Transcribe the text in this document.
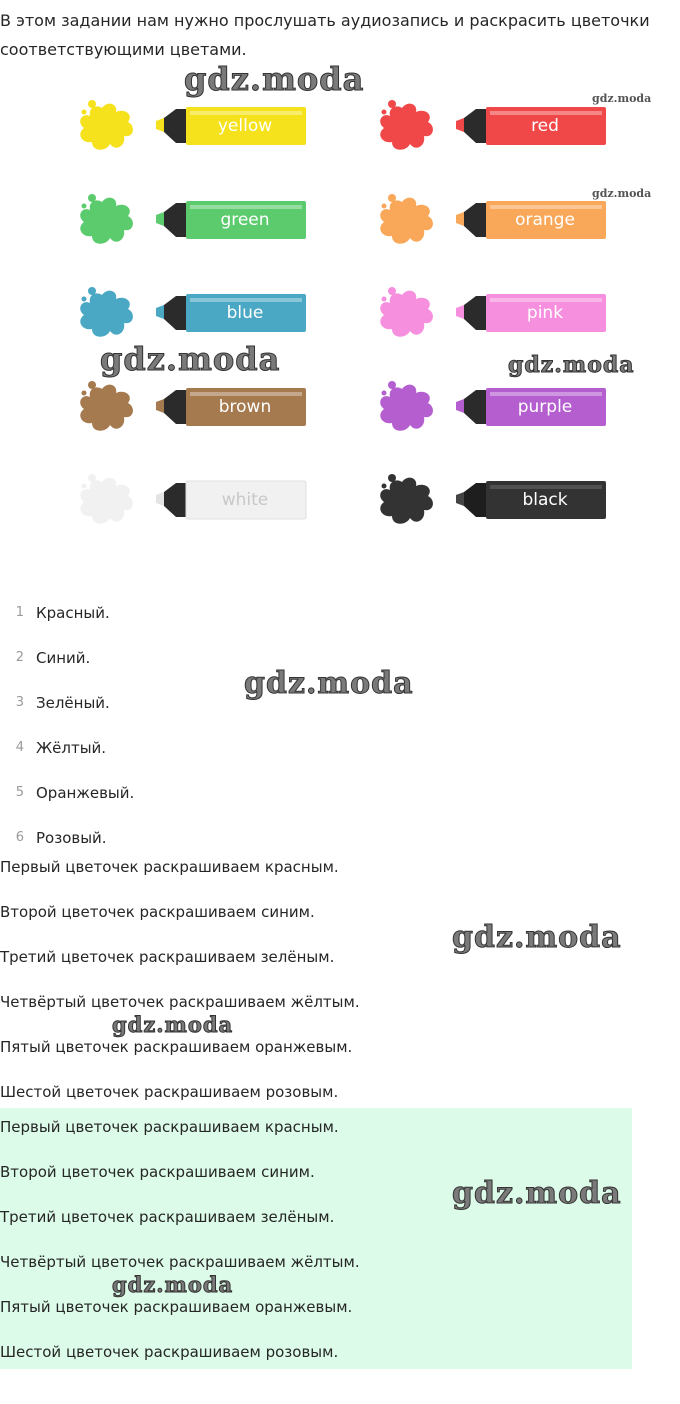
В этом задании нам нужно прослушать аудиозапись и раскрасить цветочки соответствующими цветами.
yellow	red
green	orange
blue	pink
brown	purple
white	black
1 Красный.
2 Синий.
3 Зелёный.
4 Жёлтый.
5 Оранжевый.
6 Розовый.
Первый цветочек раскрашиваем красным.
Второй цветочек раскрашиваем синим.
Третий цветочек раскрашиваем зелёным.
Четвёртый цветочек раскрашиваем жёлтым.
Пятый цветочек раскрашиваем оранжевым.
Шестой цветочек раскрашиваем розовым.
Первый цветочек раскрашиваем красным.
Второй цветочек раскрашиваем синим.
Третий цветочек раскрашиваем зелёным.
Четвёртый цветочек раскрашиваем жёлтым.
Пятый цветочек раскрашиваем оранжевым.
Шестой цветочек раскрашиваем розовым.
gdz.moda
gdz.moda
gdz.moda
gdz.moda	gdz.moda
gdz.moda
gdz.moda
gdz.moda
gdz.moda
gdz.moda
